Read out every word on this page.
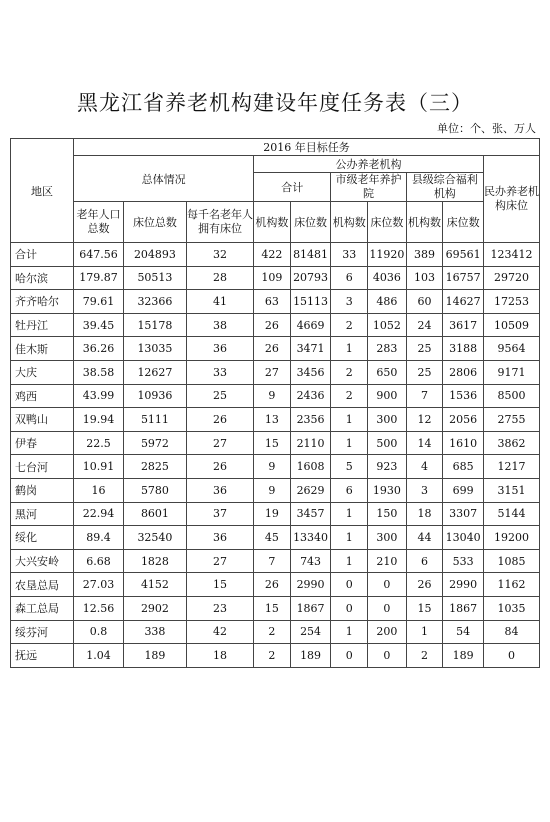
黑龙江省养老机构建设年度任务表（三）
单位：个、张、万人
地区	2016 年目标任务									
	总体情况			公办养老机构						民办养老机构床位
				合计		市级老年养护院		县级综合福利机构		
	老年人口总数	床位总数	每千名老年人拥有床位	机构数	床位数	机构数	床位数	机构数	床位数	
合计	647.56	204893	32	422	81481	33	11920	389	69561	123412
哈尔滨	179.87	50513	28	109	20793	6	4036	103	16757	29720
齐齐哈尔	79.61	32366	41	63	15113	3	486	60	14627	17253
牡丹江	39.45	15178	38	26	4669	2	1052	24	3617	10509
佳木斯	36.26	13035	36	26	3471	1	283	25	3188	9564
大庆	38.58	12627	33	27	3456	2	650	25	2806	9171
鸡西	43.99	10936	25	9	2436	2	900	7	1536	8500
双鸭山	19.94	5111	26	13	2356	1	300	12	2056	2755
伊春	22.5	5972	27	15	2110	1	500	14	1610	3862
七台河	10.91	2825	26	9	1608	5	923	4	685	1217
鹤岗	16	5780	36	9	2629	6	1930	3	699	3151
黑河	22.94	8601	37	19	3457	1	150	18	3307	5144
绥化	89.4	32540	36	45	13340	1	300	44	13040	19200
大兴安岭	6.68	1828	27	7	743	1	210	6	533	1085
农垦总局	27.03	4152	15	26	2990	0	0	26	2990	1162
森工总局	12.56	2902	23	15	1867	0	0	15	1867	1035
绥芬河	0.8	338	42	2	254	1	200	1	54	84
抚远	1.04	189	18	2	189	0	0	2	189	0
